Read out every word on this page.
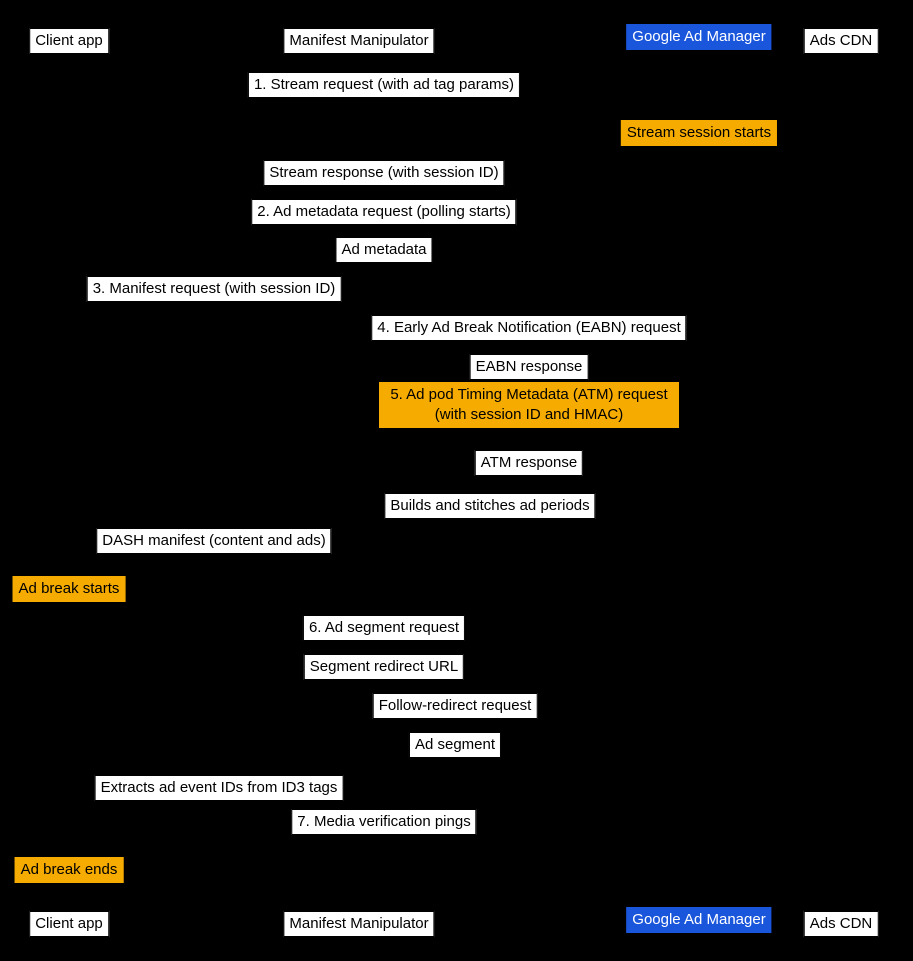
Client app	Manifest Manipulator	Google Ad Manager	Ads CDN
1. Stream request (with ad tag params)
Stream session starts
Stream response (with session ID)
2. Ad metadata request (polling starts)
Ad metadata
3. Manifest request (with session ID)
4. Early Ad Break Notification (EABN) request
EABN response
5. Ad pod Timing Metadata (ATM) request
(with session ID and HMAC)
ATM response
Builds and stitches ad periods
DASH manifest (content and ads)
Ad break starts
6. Ad segment request
Segment redirect URL
Follow-redirect request
Ad segment
Extracts ad event IDs from ID3 tags
7. Media verification pings
Ad break ends
Client app	Manifest Manipulator	Google Ad Manager	Ads CDN
